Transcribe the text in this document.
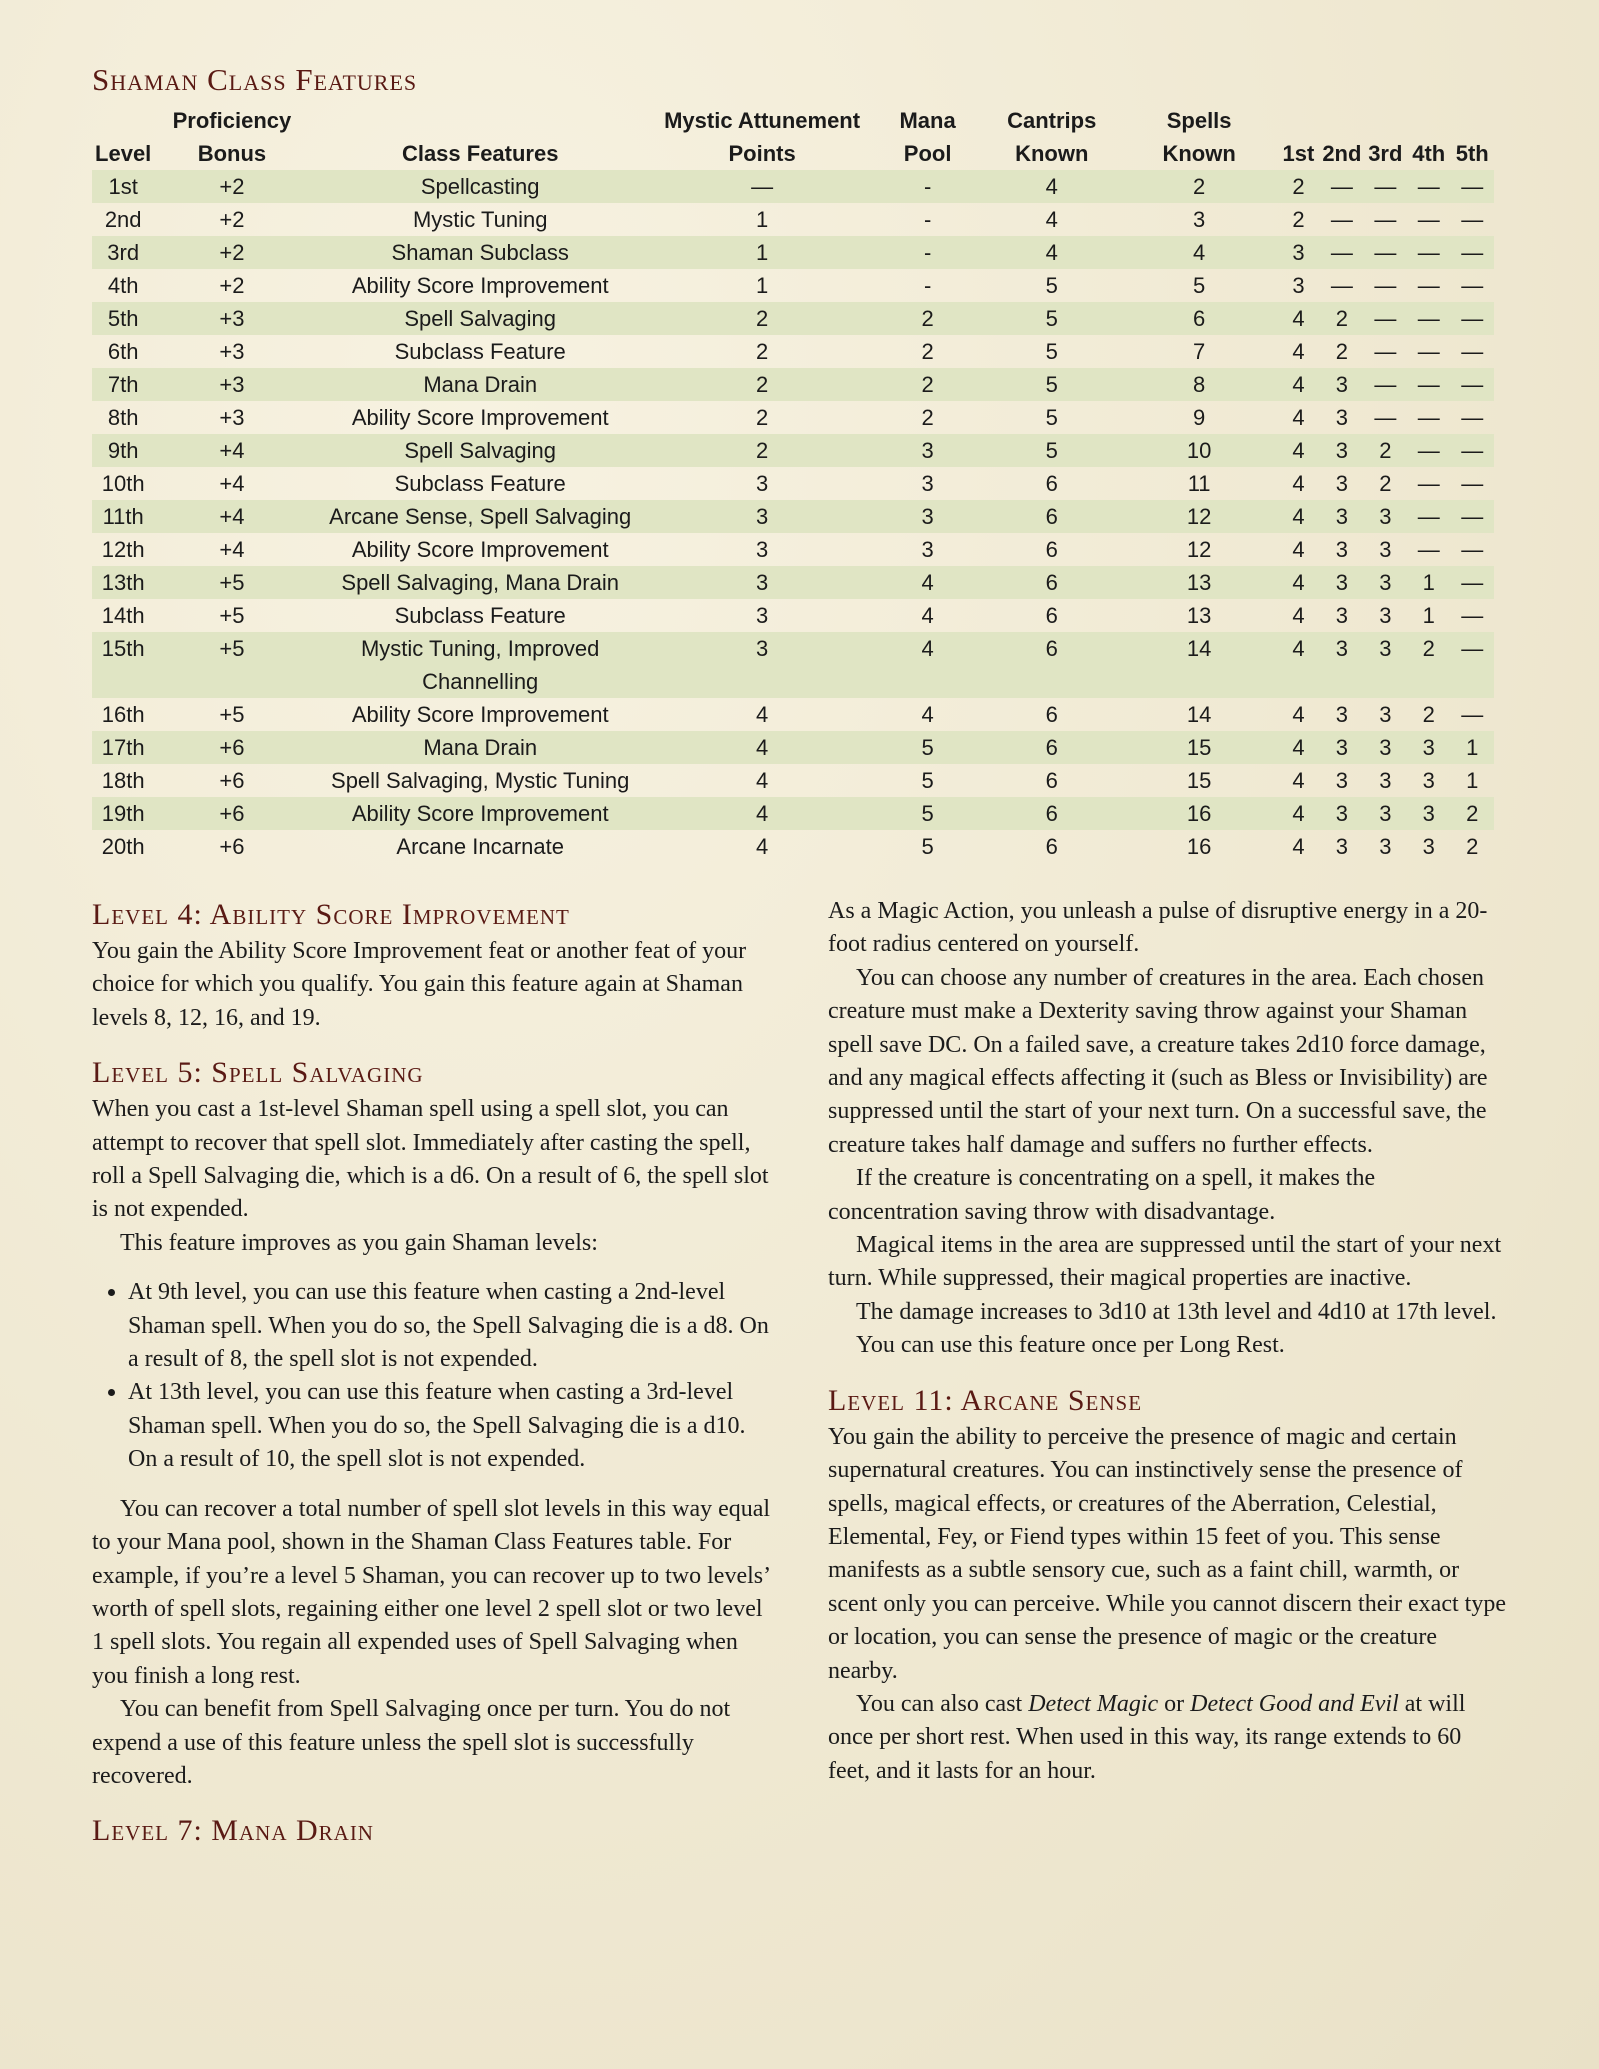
Shaman Class Features
	Proficiency		Mystic Attunement	Mana	Cantrips	Spells					
Level	Bonus	Class Features	Points	Pool	Known	Known	1st	2nd	3rd	4th	5th
1st	+2	Spellcasting	—	-	4	2	2	—	—	—	—
2nd	+2	Mystic Tuning	1	-	4	3	2	—	—	—	—
3rd	+2	Shaman Subclass	1	-	4	4	3	—	—	—	—
4th	+2	Ability Score Improvement	1	-	5	5	3	—	—	—	—
5th	+3	Spell Salvaging	2	2	5	6	4	2	—	—	—
6th	+3	Subclass Feature	2	2	5	7	4	2	—	—	—
7th	+3	Mana Drain	2	2	5	8	4	3	—	—	—
8th	+3	Ability Score Improvement	2	2	5	9	4	3	—	—	—
9th	+4	Spell Salvaging	2	3	5	10	4	3	2	—	—
10th	+4	Subclass Feature	3	3	6	11	4	3	2	—	—
11th	+4	Arcane Sense, Spell Salvaging	3	3	6	12	4	3	3	—	—
12th	+4	Ability Score Improvement	3	3	6	12	4	3	3	—	—
13th	+5	Spell Salvaging, Mana Drain	3	4	6	13	4	3	3	1	—
14th	+5	Subclass Feature	3	4	6	13	4	3	3	1	—
15th	+5	Mystic Tuning, Improved Channelling	3	4	6	14	4	3	3	2	—
16th	+5	Ability Score Improvement	4	4	6	14	4	3	3	2	—
17th	+6	Mana Drain	4	5	6	15	4	3	3	3	1
18th	+6	Spell Salvaging, Mystic Tuning	4	5	6	15	4	3	3	3	1
19th	+6	Ability Score Improvement	4	5	6	16	4	3	3	3	2
20th	+6	Arcane Incarnate	4	5	6	16	4	3	3	3	2
Level 4: Ability Score Improvement

You gain the Ability Score Improvement feat or another feat of your choice for which you qualify. You gain this feature again at Shaman levels 8, 12, 16, and 19.

Level 5: Spell Salvaging

When you cast a 1st-level Shaman spell using a spell slot, you can attempt to recover that spell slot. Immediately after casting the spell, roll a Spell Salvaging die, which is a d6. On a result of 6, the spell slot is not expended.

This feature improves as you gain Shaman levels:

• At 9th level, you can use this feature when casting a 2nd-level Shaman spell. When you do so, the Spell Salvaging die is a d8. On a result of 8, the spell slot is not expended.
• At 13th level, you can use this feature when casting a 3rd-level Shaman spell. When you do so, the Spell Salvaging die is a d10. On a result of 10, the spell slot is not expended.

You can recover a total number of spell slot levels in this way equal to your Mana pool, shown in the Shaman Class Features table. For example, if you’re a level 5 Shaman, you can recover up to two levels’ worth of spell slots, regaining either one level 2 spell slot or two level 1 spell slots. You regain all expended uses of Spell Salvaging when you finish a long rest.

You can benefit from Spell Salvaging once per turn. You do not expend a use of this feature unless the spell slot is successfully recovered.

Level 7: Mana Drain

As a Magic Action, you unleash a pulse of disruptive energy in a 20-foot radius centered on yourself.

You can choose any number of creatures in the area. Each chosen creature must make a Dexterity saving throw against your Shaman spell save DC. On a failed save, a creature takes 2d10 force damage, and any magical effects affecting it (such as Bless or Invisibility) are suppressed until the start of your next turn. On a successful save, the creature takes half damage and suffers no further effects.

If the creature is concentrating on a spell, it makes the concentration saving throw with disadvantage.

Magical items in the area are suppressed until the start of your next turn. While suppressed, their magical properties are inactive.

The damage increases to 3d10 at 13th level and 4d10 at 17th level.

You can use this feature once per Long Rest.

Level 11: Arcane Sense

You gain the ability to perceive the presence of magic and certain supernatural creatures. You can instinctively sense the presence of spells, magical effects, or creatures of the Aberration, Celestial, Elemental, Fey, or Fiend types within 15 feet of you. This sense manifests as a subtle sensory cue, such as a faint chill, warmth, or scent only you can perceive. While you cannot discern their exact type or location, you can sense the presence of magic or the creature nearby.

You can also cast Detect Magic or Detect Good and Evil at will once per short rest. When used in this way, its range extends to 60 feet, and it lasts for an hour.
